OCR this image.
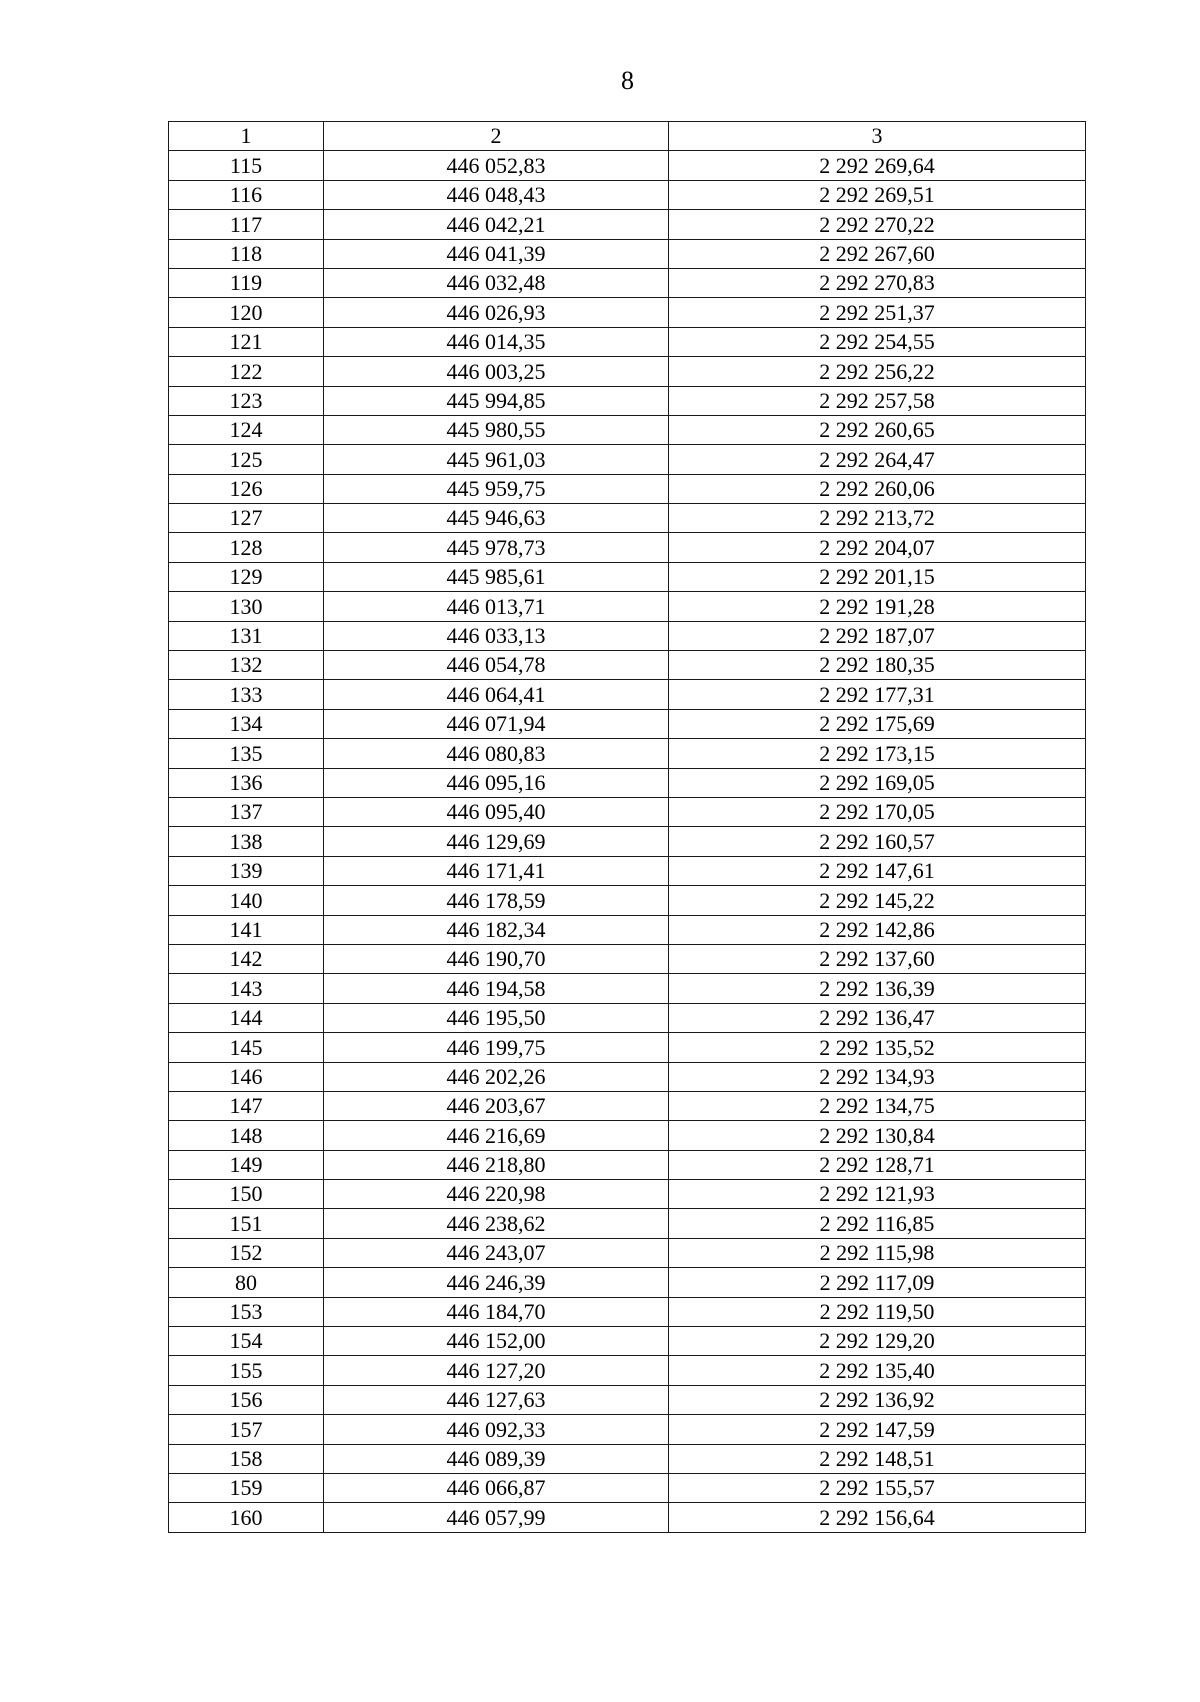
8
1	2	3
115	446 052,83	2 292 269,64
116	446 048,43	2 292 269,51
117	446 042,21	2 292 270,22
118	446 041,39	2 292 267,60
119	446 032,48	2 292 270,83
120	446 026,93	2 292 251,37
121	446 014,35	2 292 254,55
122	446 003,25	2 292 256,22
123	445 994,85	2 292 257,58
124	445 980,55	2 292 260,65
125	445 961,03	2 292 264,47
126	445 959,75	2 292 260,06
127	445 946,63	2 292 213,72
128	445 978,73	2 292 204,07
129	445 985,61	2 292 201,15
130	446 013,71	2 292 191,28
131	446 033,13	2 292 187,07
132	446 054,78	2 292 180,35
133	446 064,41	2 292 177,31
134	446 071,94	2 292 175,69
135	446 080,83	2 292 173,15
136	446 095,16	2 292 169,05
137	446 095,40	2 292 170,05
138	446 129,69	2 292 160,57
139	446 171,41	2 292 147,61
140	446 178,59	2 292 145,22
141	446 182,34	2 292 142,86
142	446 190,70	2 292 137,60
143	446 194,58	2 292 136,39
144	446 195,50	2 292 136,47
145	446 199,75	2 292 135,52
146	446 202,26	2 292 134,93
147	446 203,67	2 292 134,75
148	446 216,69	2 292 130,84
149	446 218,80	2 292 128,71
150	446 220,98	2 292 121,93
151	446 238,62	2 292 116,85
152	446 243,07	2 292 115,98
80	446 246,39	2 292 117,09
153	446 184,70	2 292 119,50
154	446 152,00	2 292 129,20
155	446 127,20	2 292 135,40
156	446 127,63	2 292 136,92
157	446 092,33	2 292 147,59
158	446 089,39	2 292 148,51
159	446 066,87	2 292 155,57
160	446 057,99	2 292 156,64
